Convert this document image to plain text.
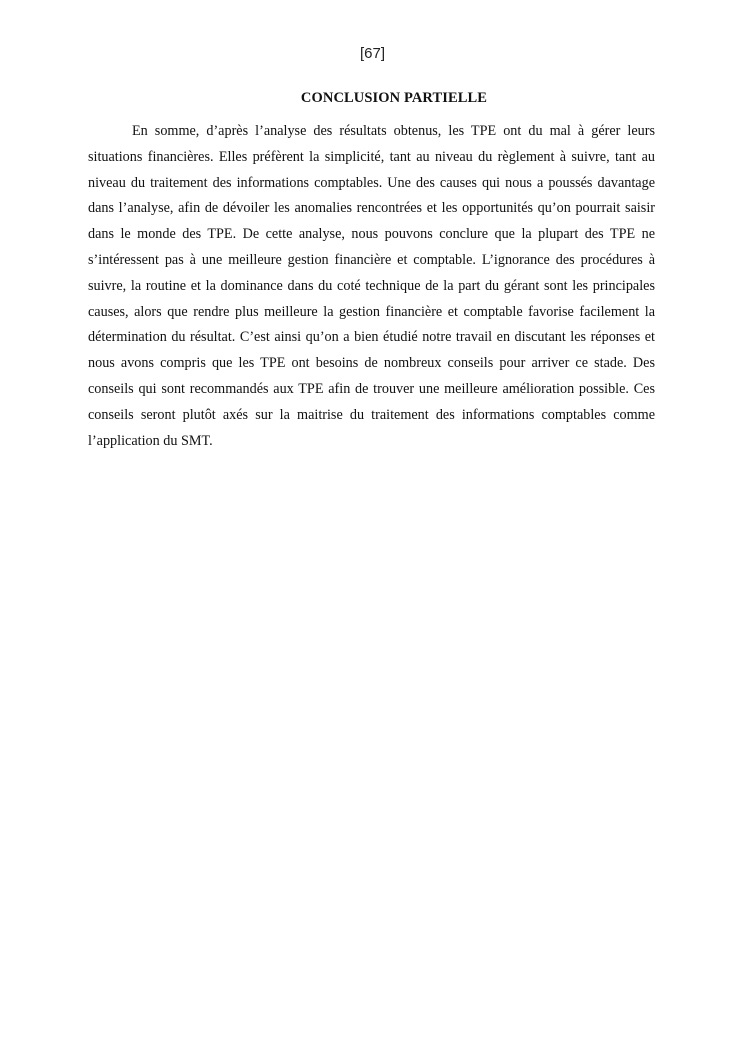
[67]
CONCLUSION PARTIELLE

En somme, d’après l’analyse des résultats obtenus, les TPE ont du mal à gérer leurs situations financières. Elles préfèrent la simplicité, tant au niveau du règlement à suivre, tant au niveau du traitement des informations comptables. Une des causes qui nous a poussés davantage dans l’analyse, afin de dévoiler les anomalies rencontrées et les opportunités qu’on pourrait saisir dans le monde des TPE. De cette analyse, nous pouvons conclure que la plupart des TPE ne s’intéressent pas à une meilleure gestion financière et comptable. L’ignorance des procédures à suivre, la routine et la dominance dans du coté technique de la part du gérant sont les principales causes, alors que rendre plus meilleure la gestion financière et comptable favorise facilement la détermination du résultat. C’est ainsi qu’on a bien étudié notre travail en discutant les réponses et nous avons compris que les TPE ont besoins de nombreux conseils pour arriver ce stade. Des conseils qui sont recommandés aux TPE afin de trouver une meilleure amélioration possible. Ces conseils seront plutôt axés sur la maitrise du traitement des informations comptables comme l’application du SMT.
